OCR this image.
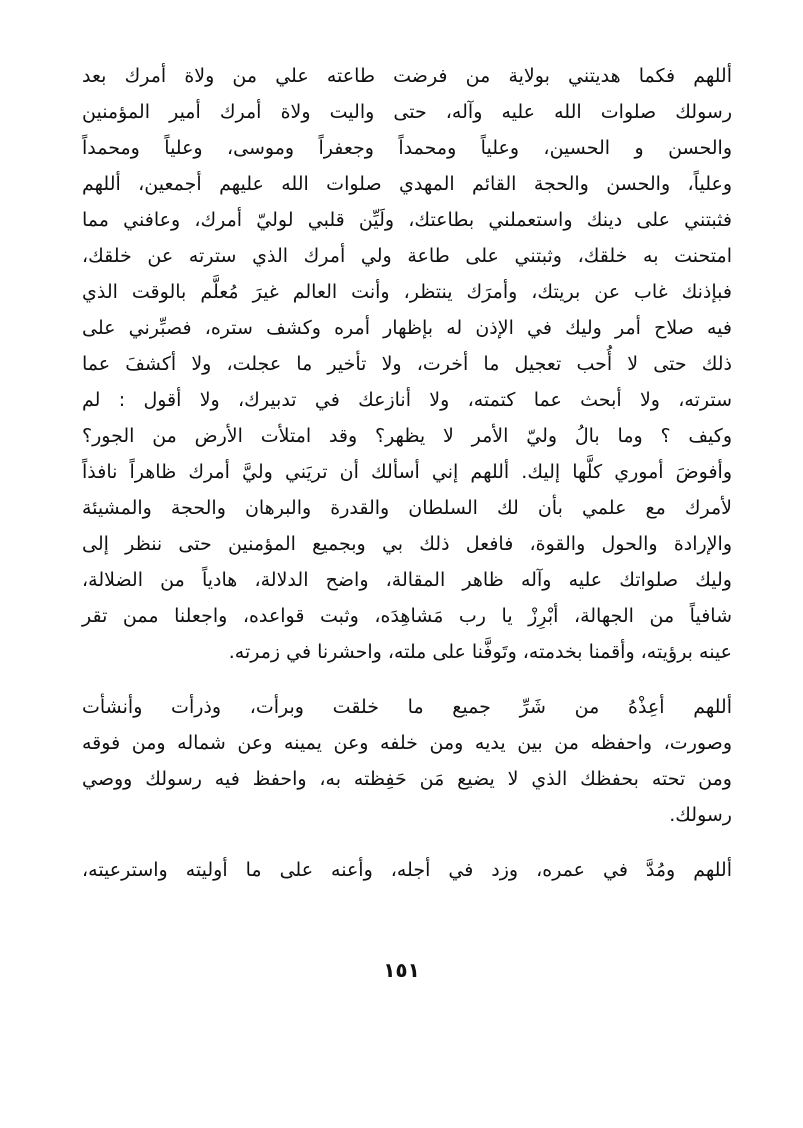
أللهم فكما هديتني بولاية من فرضت طاعته علي من ولاة أمرك بعد
رسولك صلوات الله عليه وآله، حتى واليت ولاة أمرك أمير المؤمنين
والحسن و الحسين، وعلياً ومحمداً وجعفراً وموسى، وعلياً ومحمداً
وعلياً، والحسن والحجة القائم المهدي صلوات الله عليهم أجمعين، أللهم
فثبتني على دينك واستعملني بطاعتك، ولَيِّن قلبي لوليّ أمرك، وعافني مما
امتحنت به خلقك، وثبتني على طاعة ولي أمرك الذي سترته عن خلقك،
فبإذنك غاب عن بريتك، وأمرَك ينتظر، وأنت العالم غيرَ مُعلَّم بالوقت الذي
فيه صلاح أمر وليك في الإذن له بإظهار أمره وكشف ستره، فصبِّرني على
ذلك حتى لا أُحب تعجيل ما أخرت، ولا تأخير ما عجلت، ولا أكشفَ عما
سترته، ولا أبحث عما كتمته، ولا أنازعك في تدبيرك، ولا أقول : لم
وكيف ؟ وما بالُ وليّ الأمر لا يظهر؟ وقد امتلأت الأرض من الجور؟
وأفوضَ أموري كلَّها إليك. أللهم إني أسألك أن تريَني وليَّ أمرك ظاهراً نافذاً
لأمرك مع علمي بأن لك السلطان والقدرة والبرهان والحجة والمشيئة
والإرادة والحول والقوة، فافعل ذلك بي وبجميع المؤمنين حتى ننظر إلى
وليك صلواتك عليه وآله ظاهر المقالة، واضح الدلالة، هادياً من الضلالة،
شافياً من الجهالة، أبْرِزْ يا رب مَشاهِدَه، وثبت قواعده، واجعلنا ممن تقر
عينه برؤيته، وأقمنا بخدمته، وتَوفَّنا على ملته، واحشرنا في زمرته.
أللهم أعِذْهُ من شَرِّ جميع ما خلقت وبرأت، وذرأت وأنشأت
وصورت، واحفظه من بين يديه ومن خلفه وعن يمينه وعن شماله ومن فوقه
ومن تحته بحفظك الذي لا يضيع مَن حَفِظته به، واحفظ فيه رسولك ووصي
رسولك.
أللهم ومُدَّ في عمره، وزد في أجله، وأعنه على ما أوليته واسترعيته،
١٥١
